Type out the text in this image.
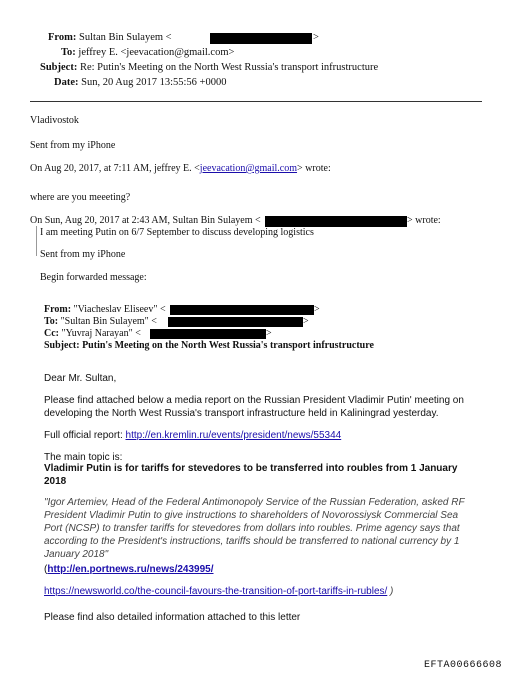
From: Sultan Bin Sulayem <	>
To: jeffrey E. <jeevacation@gmail.com>
Subject: Re: Putin's Meeting on the North West Russia's transport infrustructure
Date: Sun, 20 Aug 2017 13:55:56 +0000
Vladivostok
Sent from my iPhone
On Aug 20, 2017, at 7:11 AM, jeffrey E. <jeevacation@gmail.com> wrote:
where are you meeeting?
On Sun, Aug 20, 2017 at 2:43 AM, Sultan Bin Sulayem <	> wrote:
I am meeting Putin on 6/7 September to discuss developing logistics
Sent from my iPhone
Begin forwarded message:
From: "Viacheslav Eliseev" <	>
To: "Sultan Bin Sulayem" <	>
Cc: "Yuvraj Narayan" <	>
Subject: Putin's Meeting on the North West Russia's transport infrustructure
Dear Mr. Sultan,
Please find attached below a media report on the Russian President Vladimir Putin' meeting on developing the North West Russia's transport infrastructure held in Kaliningrad yesterday.
Full official report: http://en.kremlin.ru/events/president/news/55344
The main topic is:
Vladimir Putin is for tariffs for stevedores to be transferred into roubles from 1 January 2018
"Igor Artemiev, Head of the Federal Antimonopoly Service of the Russian Federation, asked RF President Vladimir Putin to give instructions to shareholders of Novorossiysk Commercial Sea Port (NCSP) to transfer tariffs for stevedores from dollars into roubles. Prime agency says that according to the President's instructions, tariffs should be transferred to national currency by 1 January 2018"
(http://en.portnews.ru/news/243995/
https://newsworld.co/the-council-favours-the-transition-of-port-tariffs-in-rubles/ )
Please find also detailed information attached to this letter
EFTA00666608
